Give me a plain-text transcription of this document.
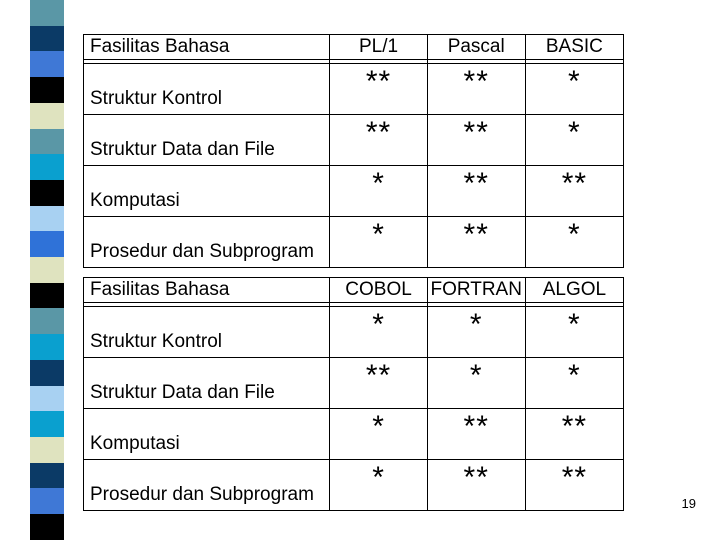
Fasilitas Bahasa	PL/1	Pascal	BASIC

Struktur Kontrol	**	**	*
Struktur Data dan File	**	**	*
Komputasi	*	**	**
Prosedur dan Subprogram	*	**	*
Fasilitas Bahasa	COBOL	FORTRAN	ALGOL

Struktur Kontrol	*	*	*
Struktur Data dan File	**	*	*
Komputasi	*	**	**
Prosedur dan Subprogram	*	**	**
19
